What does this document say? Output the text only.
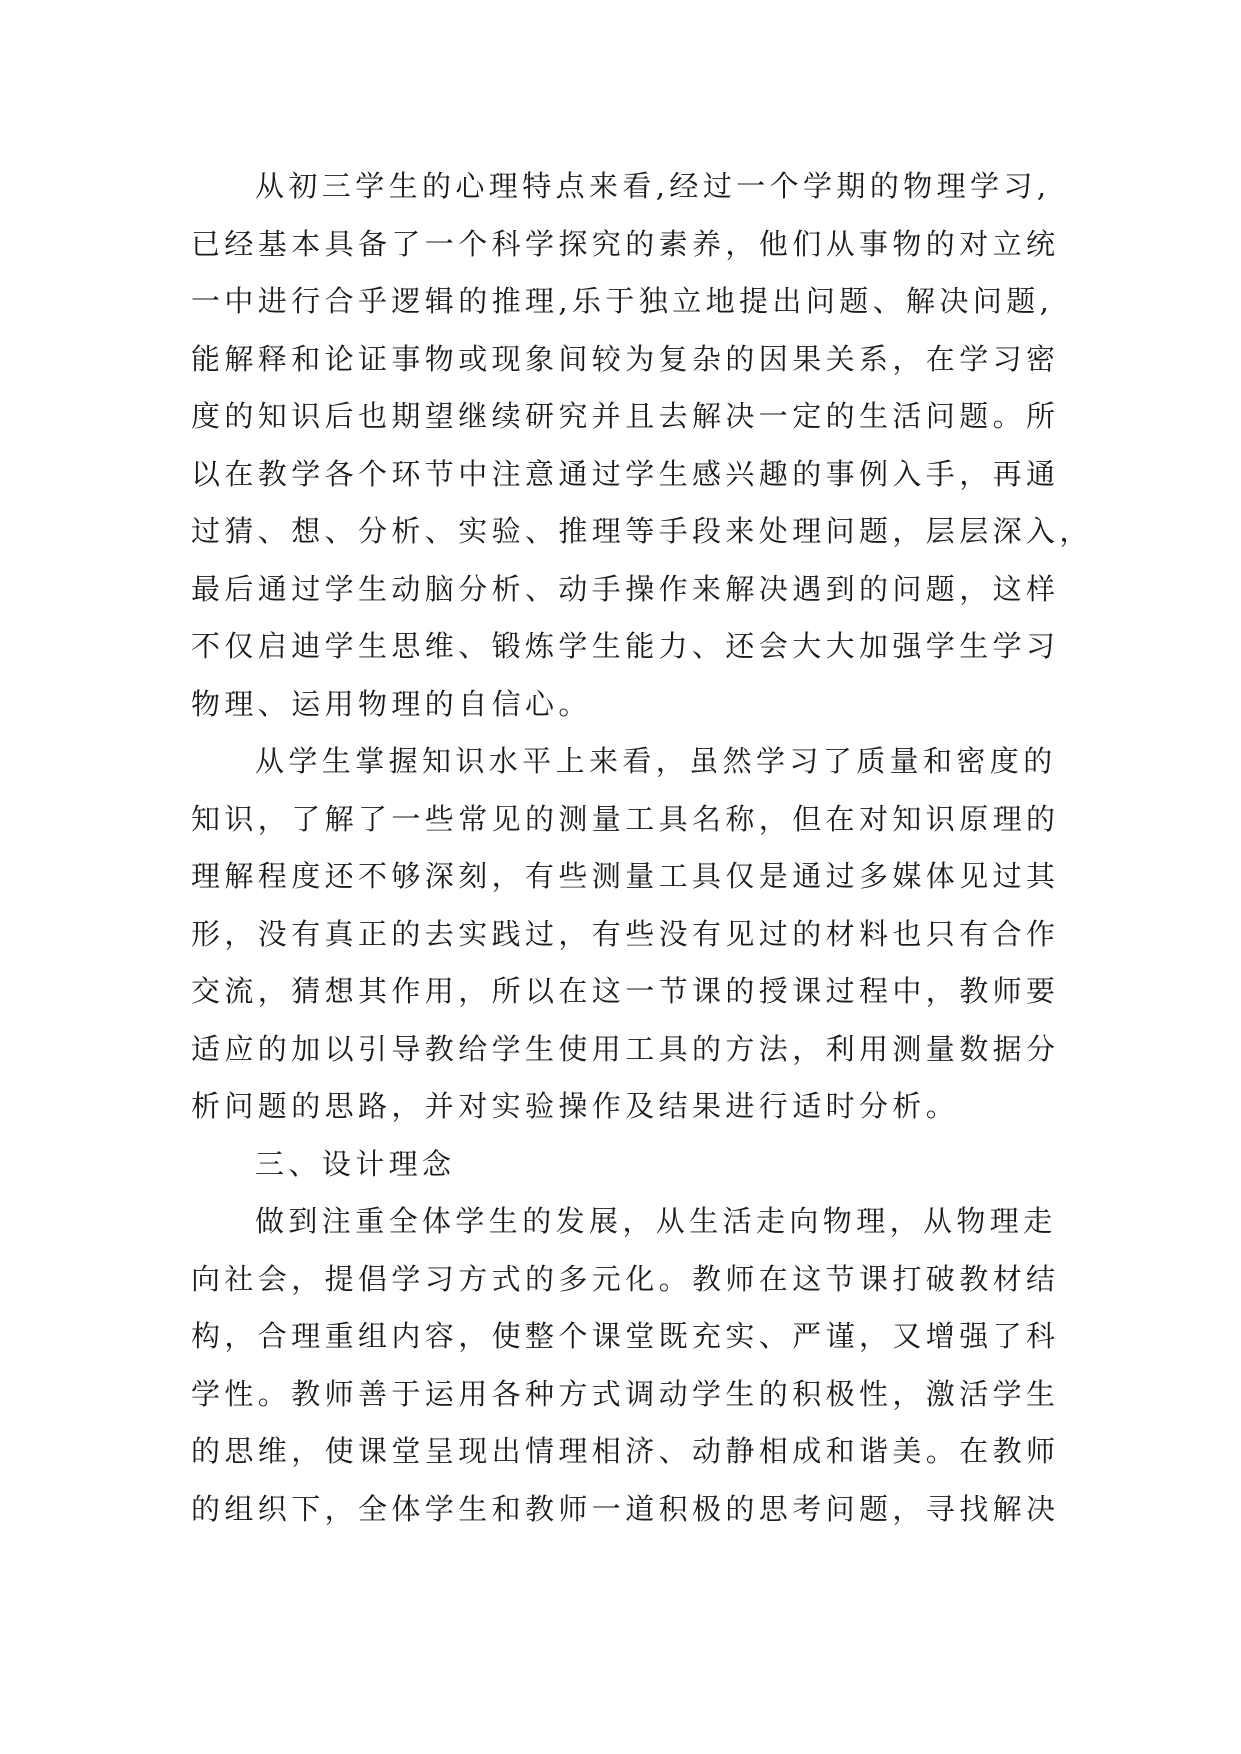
从初三学生的心理特点来看,经过一个学期的物理学习,
已经基本具备了一个科学探究的素养，他们从事物的对立统
一中进行合乎逻辑的推理,乐于独立地提出问题、解决问题,
能解释和论证事物或现象间较为复杂的因果关系，在学习密
度的知识后也期望继续研究并且去解决一定的生活问题。所
以在教学各个环节中注意通过学生感兴趣的事例入手，再通
过猜、想、分析、实验、推理等手段来处理问题，层层深入，
最后通过学生动脑分析、动手操作来解决遇到的问题，这样
不仅启迪学生思维、锻炼学生能力、还会大大加强学生学习
物理、运用物理的自信心。
从学生掌握知识水平上来看，虽然学习了质量和密度的
知识，了解了一些常见的测量工具名称，但在对知识原理的
理解程度还不够深刻，有些测量工具仅是通过多媒体见过其
形，没有真正的去实践过，有些没有见过的材料也只有合作
交流，猜想其作用，所以在这一节课的授课过程中，教师要
适应的加以引导教给学生使用工具的方法，利用测量数据分
析问题的思路，并对实验操作及结果进行适时分析。
三、设计理念
做到注重全体学生的发展，从生活走向物理，从物理走
向社会，提倡学习方式的多元化。教师在这节课打破教材结
构，合理重组内容，使整个课堂既充实、严谨，又增强了科
学性。教师善于运用各种方式调动学生的积极性，激活学生
的思维，使课堂呈现出情理相济、动静相成和谐美。在教师
的组织下，全体学生和教师一道积极的思考问题，寻找解决
